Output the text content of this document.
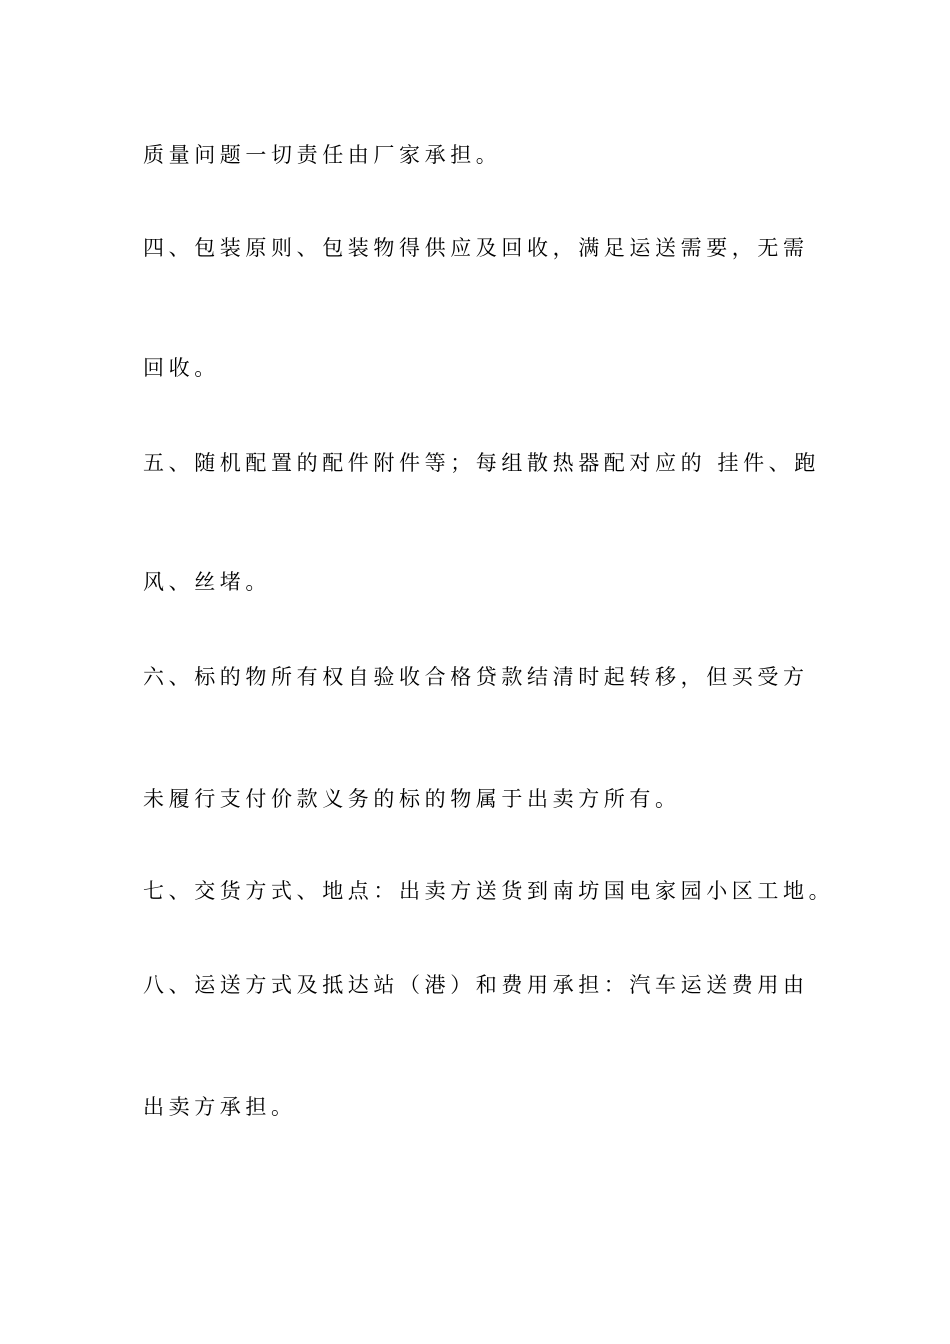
质量问题一切责任由厂家承担。

四、包装原则、包装物得供应及回收，满足运送需要，无需

回收。

五、随机配置的配件附件等；每组散热器配对应的 挂件、跑

风、丝堵。

六、标的物所有权自验收合格贷款结清时起转移，但买受方

未履行支付价款义务的标的物属于出卖方所有。

七、交货方式、地点：出卖方送货到南坊国电家园小区工地。

八、运送方式及抵达站（港）和费用承担：汽车运送费用由

出卖方承担。
